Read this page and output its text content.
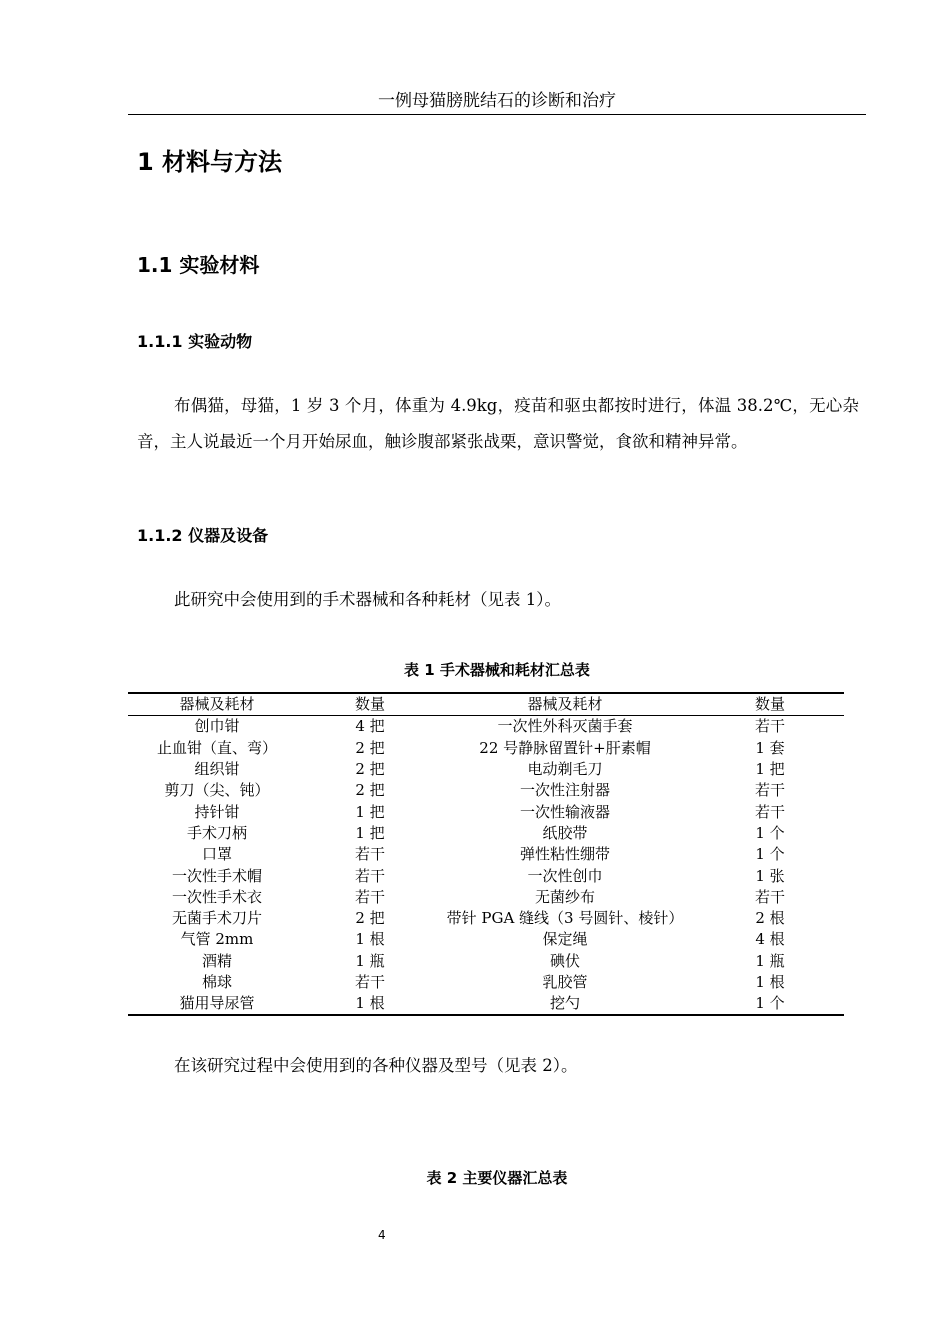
一例母猫膀胱结石的诊断和治疗
1 材料与方法
1.1 实验材料
1.1.1 实验动物
布偶猫，母猫，1 岁 3 个月，体重为 4.9kg，疫苗和驱虫都按时进行，体温 38.2℃，无心杂音，主人说最近一个月开始尿血，触诊腹部紧张战栗，意识警觉，食欲和精神异常。
1.1.2 仪器及设备
此研究中会使用到的手术器械和各种耗材（见表 1）。
表 1 手术器械和耗材汇总表
器械及耗材	数量	器械及耗材	数量
创巾钳	4 把	一次性外科灭菌手套	若干
止血钳（直、弯）	2 把	22 号静脉留置针+肝素帽	1 套
组织钳	2 把	电动剃毛刀	1 把
剪刀（尖、钝）	2 把	一次性注射器	若干
持针钳	1 把	一次性输液器	若干
手术刀柄	1 把	纸胶带	1 个
口罩	若干	弹性粘性绷带	1 个
一次性手术帽	若干	一次性创巾	1 张
一次性手术衣	若干	无菌纱布	若干
无菌手术刀片	2 把	带针 PGA 缝线（3 号圆针、棱针）	2 根
气管 2mm	1 根	保定绳	4 根
酒精	1 瓶	碘伏	1 瓶
棉球	若干	乳胶管	1 根
猫用导尿管	1 根	挖勺	1 个
在该研究过程中会使用到的各种仪器及型号（见表 2）。
表 2 主要仪器汇总表
4
